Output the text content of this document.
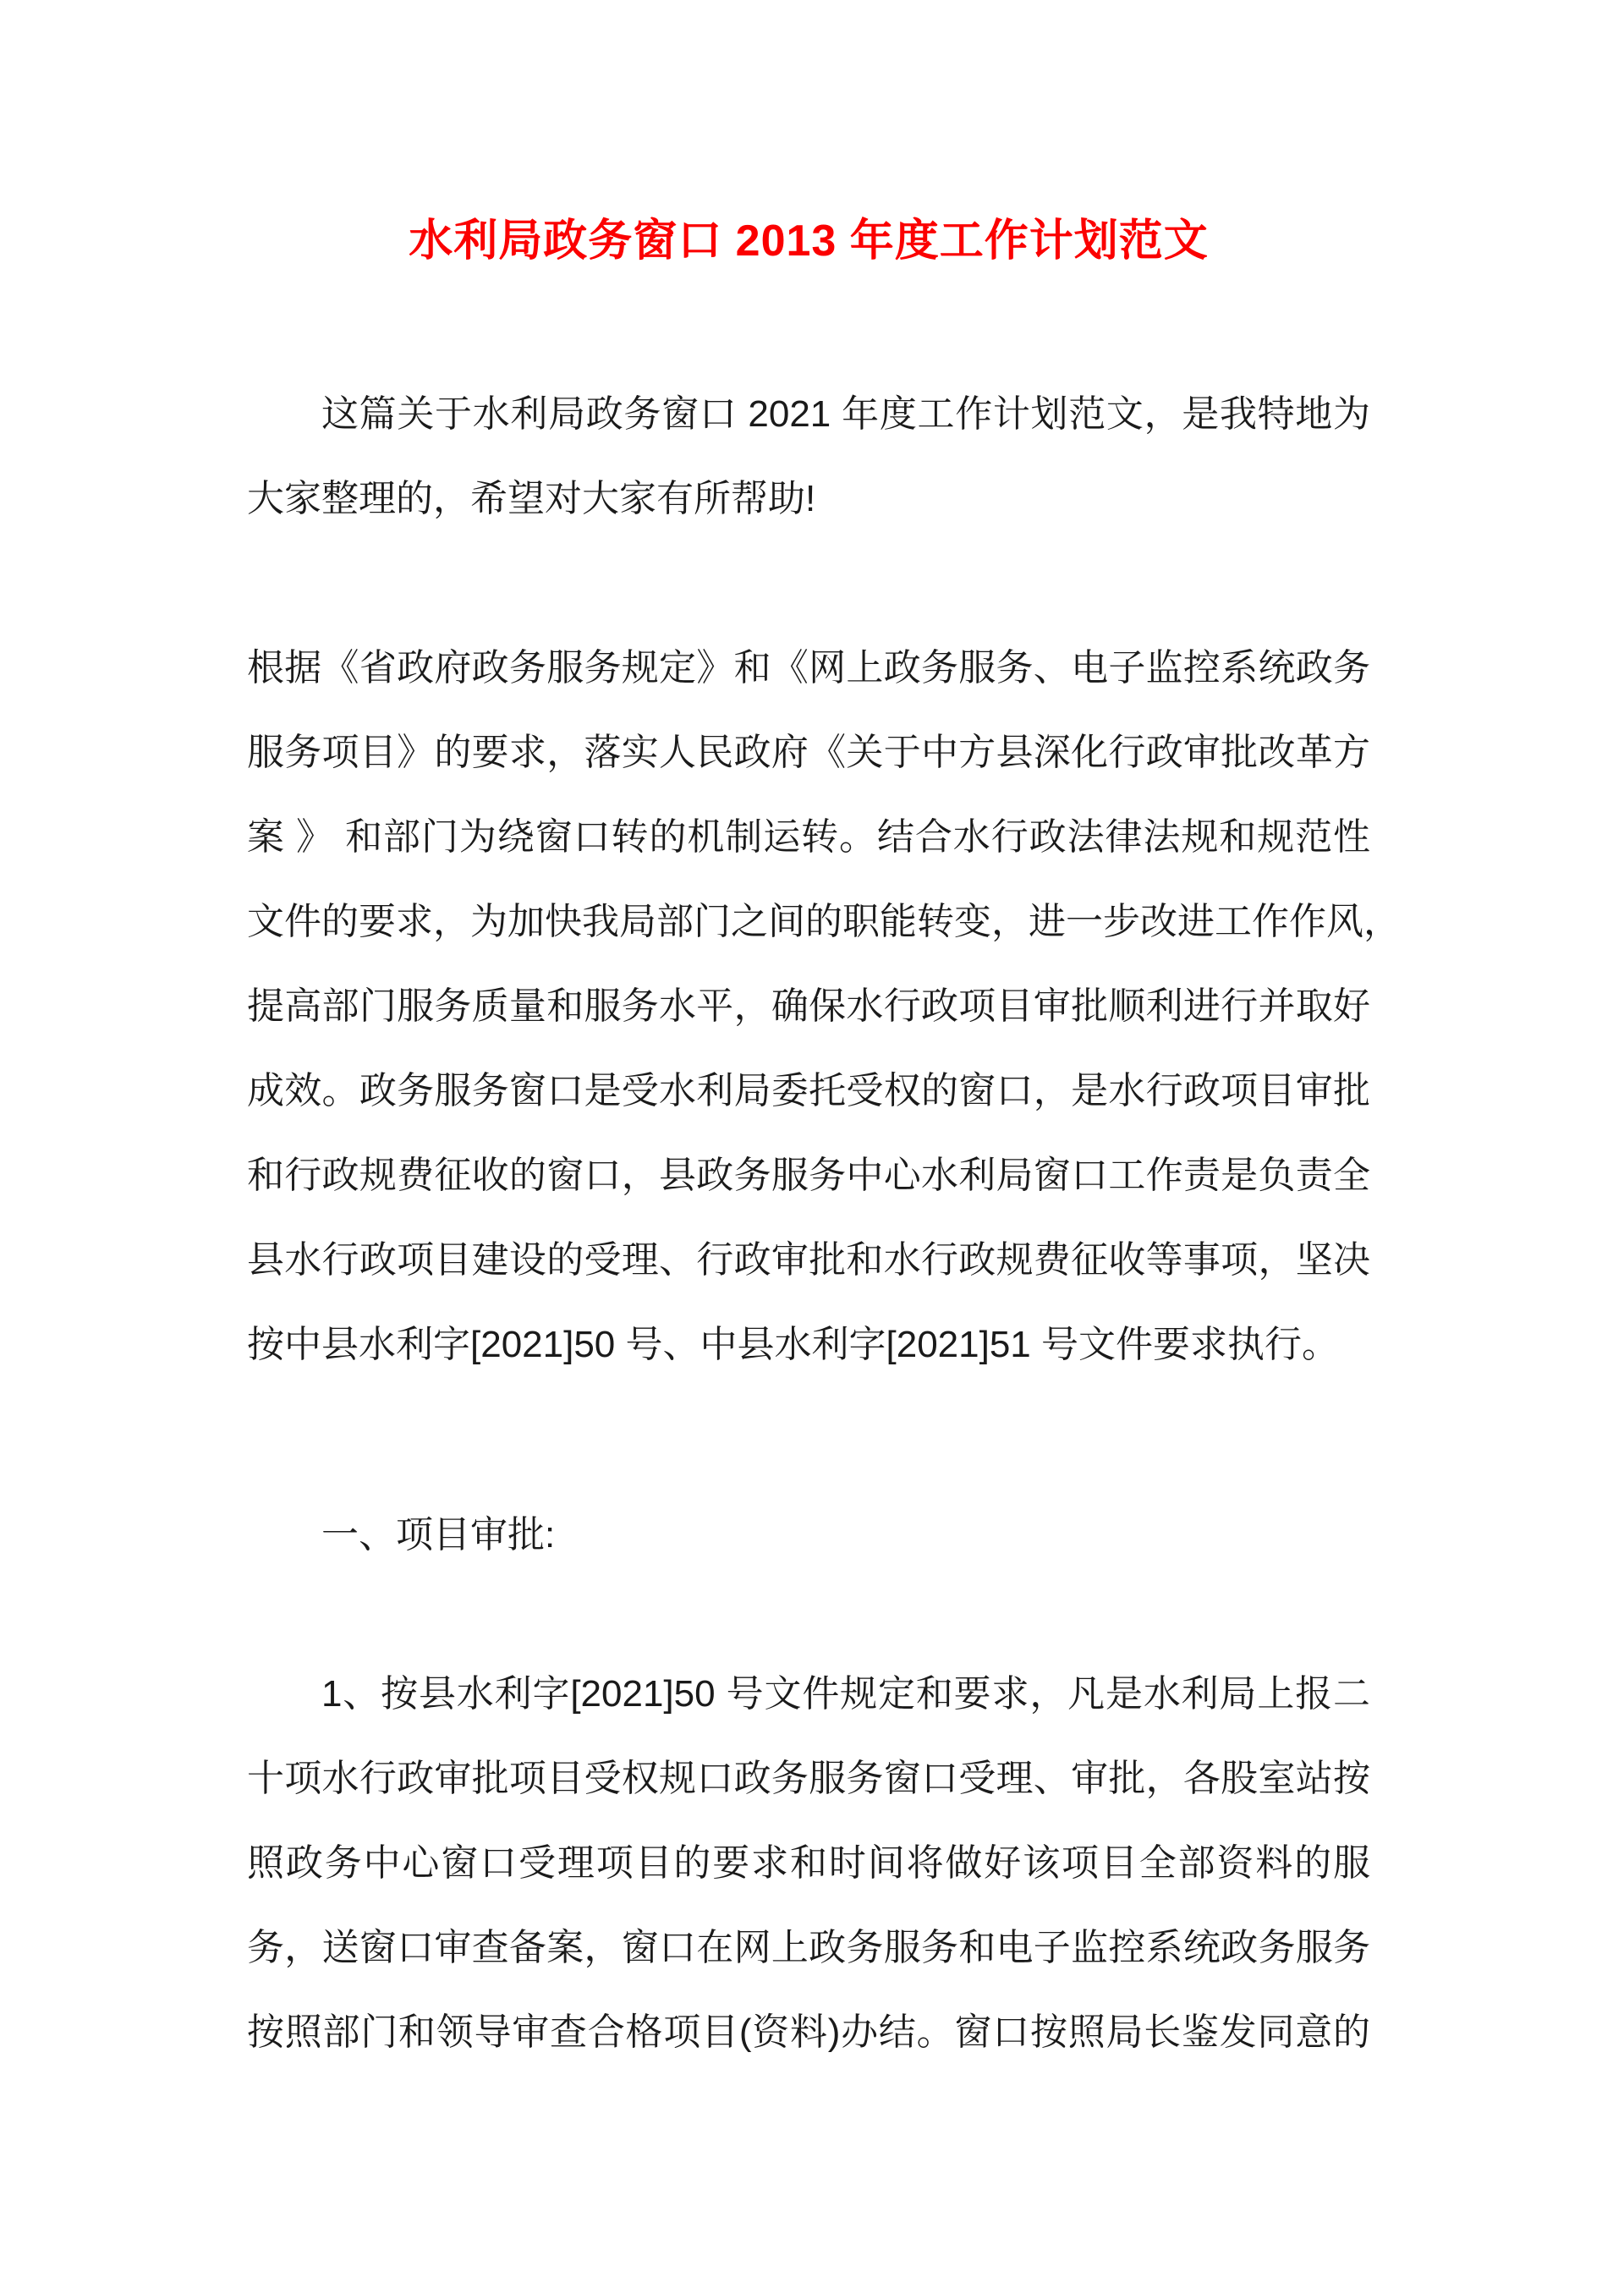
水利局政务窗口 2013 年度工作计划范文
这篇关于水利局政务窗口 2021 年度工作计划范文，是我特地为
大家整理的，希望对大家有所帮助!
根据《省政府政务服务规定》和《网上政务服务、电子监控系统政务
服务项目》的要求，落实人民政府《关于中方县深化行政审批改革方
案 》 和部门为绕窗口转的机制运转。结合水行政法律法规和规范性
文件的要求，为加快我局部门之间的职能转变，进一步改进工作作风，
提高部门服务质量和服务水平，确保水行政项目审批顺利进行并取好
成效。政务服务窗口是受水利局委托受权的窗口，是水行政项目审批
和行政规费征收的窗口，县政务服务中心水利局窗口工作责是负责全
县水行政项目建设的受理、行政审批和水行政规费征收等事项，坚决
按中县水利字[2021]50 号、中县水利字[2021]51 号文件要求执行。
一、项目审批:
1、按县水利字[2021]50 号文件规定和要求，凡是水利局上报二
十项水行政审批项目受权规口政务服务窗口受理、审批，各股室站按
照政务中心窗口受理项目的要求和时间将做好该项目全部资料的服
务，送窗口审查备案，窗口在网上政务服务和电子监控系统政务服务
按照部门和领导审查合格项目(资料)办结。窗口按照局长鉴发同意的
